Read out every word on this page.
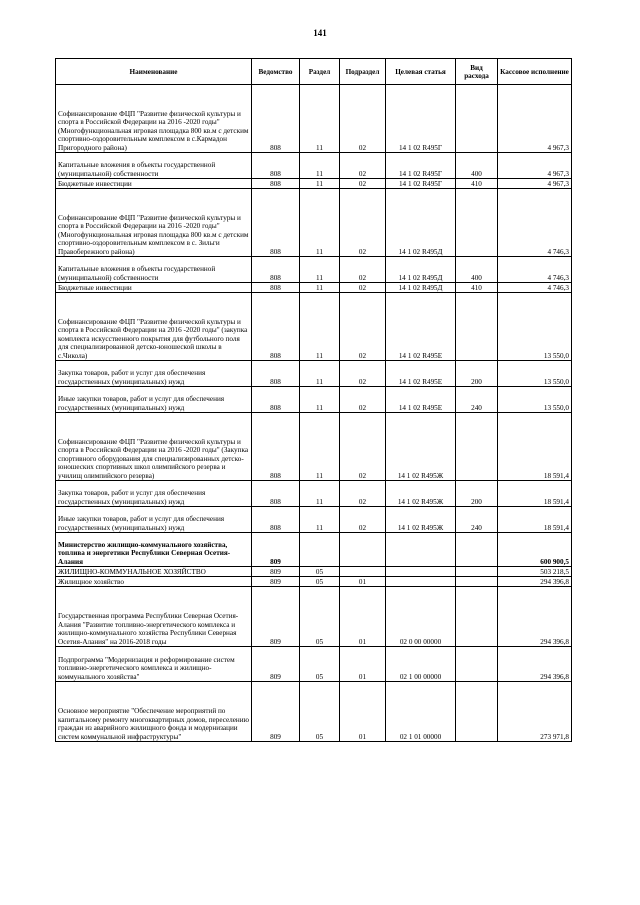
141
Наименование	Ведомство	Раздел	Подраздел	Целевая статья	Вид расхода	Кассовое исполнение
Софинансирование ФЦП "Развитие физической культуры и спорта в Российской Федерации на 2016 -2020 годы" (Многофункциональная игровая площадка 800 кв.м с детским спортивно-оздоровительным комплексом в с.Кармадон Пригородного района)	808	11	02	14 1 02 R495Г		4 967,3
Капитальные вложения в объекты государственной (муниципальной) собственности	808	11	02	14 1 02 R495Г	400	4 967,3
Бюджетные инвестиции	808	11	02	14 1 02 R495Г	410	4 967,3
Софинансирование ФЦП "Развитие физической культуры и спорта в Российской Федерации на 2016 -2020 годы" (Многофункциональная игровая площадка 800 кв.м с детским спортивно-оздоровительным комплексом в с. Зильги Правобережного района)	808	11	02	14 1 02 R495Д		4 746,3
Капитальные вложения в объекты государственной (муниципальной) собственности	808	11	02	14 1 02 R495Д	400	4 746,3
Бюджетные инвестиции	808	11	02	14 1 02 R495Д	410	4 746,3
Софинансирование ФЦП "Развитие физической культуры и спорта в Российской Федерации на 2016 -2020 годы" (закупка комплекта искусственного покрытия для футбольного поля для специализированной детско-юношеской школы в с.Чикола)	808	11	02	14 1 02 R495Е		13 550,0
Закупка товаров, работ и услуг для обеспечения государственных (муниципальных) нужд	808	11	02	14 1 02 R495Е	200	13 550,0
Иные закупки товаров, работ и услуг для обеспечения государственных (муниципальных) нужд	808	11	02	14 1 02 R495Е	240	13 550,0
Софинансирование ФЦП "Развитие физической культуры и спорта в Российской Федерации на 2016 -2020 годы" (Закупка спортивного оборудования для специализированных детско-юношеских спортивных школ олимпийского резерва и училищ олимпийского резерва)	808	11	02	14 1 02 R495Ж		18 591,4
Закупка товаров, работ и услуг для обеспечения государственных (муниципальных) нужд	808	11	02	14 1 02 R495Ж	200	18 591,4
Иные закупки товаров, работ и услуг для обеспечения государственных (муниципальных) нужд	808	11	02	14 1 02 R495Ж	240	18 591,4
Министерство жилищно-коммунального хозяйства, топлива и энергетики Республики Северная Осетия-Алания	809					600 900,5
ЖИЛИЩНО-КОММУНАЛЬНОЕ ХОЗЯЙСТВО	809	05				503 218,5
Жилищное хозяйство	809	05	01			294 396,8
Государственная программа Республики Северная Осетия-Алания "Развитие топливно-энергетического комплекса и жилищно-коммунального хозяйства Республики Северная Осетия-Алания" на 2016-2018 годы	809	05	01	02 0 00 00000		294 396,8
Подпрограмма "Модернизация и реформирование систем топливно-энергетического комплекса и жилищно-коммунального хозяйства"	809	05	01	02 1 00 00000		294 396,8
Основное мероприятие "Обеспечение мероприятий по капитальному ремонту многоквартирных домов, переселению граждан из аварийного жилищного фонда и модернизации систем коммунальной инфраструктуры"	809	05	01	02 1 01 00000		273 971,8
